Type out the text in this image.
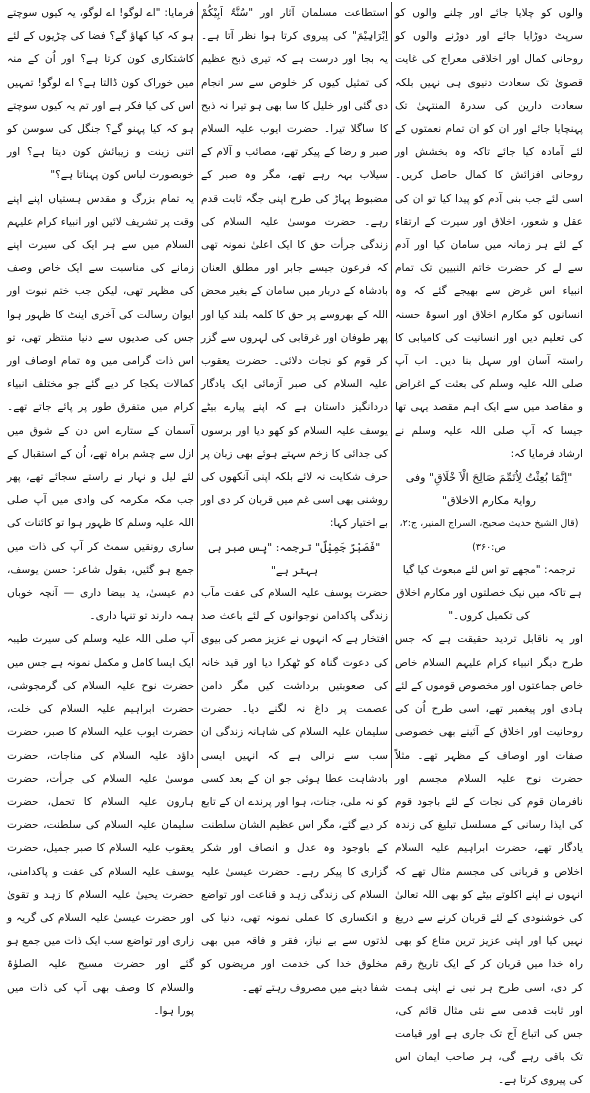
والوں کو چلایا جائے اور چلنے والوں کو سرپٹ دوڑایا جائے اور دوڑنے والوں کو روحانی کمال اور اخلاقی معراج کی غایت قصویٰ تک سعادت دنیوی ہی نہیں بلکہ سعادت دارین کی سدرۃ المنتہیٰ تک پہنچایا جائے اور ان کو ان تمام نعمتوں کے لئے آمادہ کیا جائے تاکہ وہ بخشش اور روحانی افزائش کا کمال حاصل کریں۔ اسی لئے جب بنی آدم کو پیدا کیا تو ان کی عقل و شعور، اخلاق اور سیرت کے ارتقاء کے لئے ہر زمانہ میں سامان کیا اور آدم سے لے کر حضرت خاتم النبیین تک تمام انبیاء اس غرض سے بھیجے گئے کہ وہ انسانوں کو مکارم اخلاق اور اسوۂ حسنہ کی تعلیم دیں اور انسانیت کی کامیابی کا راستہ آسان اور سہل بنا دیں۔ اب آپ صلی اللہ علیہ وسلم کی بعثت کے اغراض و مقاصد میں سے ایک اہم مقصد یہی تھا جیسا کہ آپ صلی اللہ علیہ وسلم نے ارشاد فرمایا کہ:

"اِنَّمَا بُعِثْتُ لِاُتَمِّمَ صَالِحَ الْاَ خْلَاقِ" وفی روایۃ مکارم الاخلاق"

(قال الشیخ حدیث صحیح، السراج المنیر، ج:۲، ص:۳۶۰)

ترجمہ: "مجھے تو اس لئے مبعوث کیا گیا ہے تاکہ میں نیک خصلتوں اور مکارم اخلاق کی تکمیل کروں۔"

اور یہ ناقابل تردید حقیقت ہے کہ جس طرح دیگر انبیاء کرام علیہم السلام خاص خاص جماعتوں اور مخصوص قوموں کے لئے ہادی اور پیغمبر تھے، اسی طرح اُن کی روحانیت اور اخلاق کے آئینے بھی خصوصی صفات اور اوصاف کے مظہر تھے۔ مثلاً حضرت نوح علیہ السلام مجسم اور نافرمان قوم کی نجات کے لئے باجود قوم کی ایذا رسانی کے مسلسل تبلیغ کی زندہ یادگار تھے، حضرت ابراہیم علیہ السلام اخلاص و قربانی کی مجسم مثال تھے کہ انہوں نے اپنے اکلوتے بیٹے کو بھی اللہ تعالیٰ کی خوشنودی کے لئے قربان کرنے سے دریغ نہیں کیا اور اپنی عزیز ترین متاع کو بھی راہ خدا میں قربان کر کے ایک تاریخ رقم کر دی، اسی طرح ہر نبی نے اپنی ہمت اور ثابت قدمی سے نئی مثال قائم کی، جس کی اتباع آج تک جاری ہے اور قیامت تک باقی رہے گی، ہر صاحب ایمان اس کی پیروی کرتا ہے۔

استطاعت مسلمان آثار اور "سُنَّۃُ اَبِیْکُمْ اِبْرَاہِیْمَ" کی پیروی کرتا ہوا نظر آتا ہے۔ یہ بجا اور درست ہے کہ تیری ذبح عظیم کی تمثیل کیوں کر خلوص سے سر انجام دی گئی اور خلیل کا سا بھی ہو تیرا نہ ذبح کا ساگلا تیرا۔ حضرت ایوب علیہ السلام صبر و رضا کے پیکر تھے، مصائب و آلام کے سیلاب بہہ رہے تھے، مگر وہ صبر کے مضبوط پہاڑ کی طرح اپنی جگہ ثابت قدم رہے۔ حضرت موسیٰ علیہ السلام کی زندگی جرأت حق کا ایک اعلیٰ نمونہ تھی کہ فرعون جیسے جابر اور مطلق العنان بادشاہ کے دربار میں سامان کے بغیر محض اللہ کے بھروسے پر حق کا کلمہ بلند کیا اور پھر طوفان اور غرقابی کی لہروں سے گزر کر قوم کو نجات دلائی۔ حضرت یعقوب علیہ السلام کی صبر آزمائی ایک یادگار دردانگیز داستان ہے کہ اپنے پیارے بیٹے یوسف علیہ السلام کو کھو دیا اور برسوں کی جدائی کا زخم سہتے ہوئے بھی زبان پر حرف شکایت نہ لائے بلکہ اپنی آنکھوں کی روشنی بھی اسی غم میں قربان کر دی اور بے اختیار کہا:

"فَصَبْرٌ جَمِیْلٌ" ترجمہ: "پس صبر ہی بہتر ہے"

حضرت یوسف علیہ السلام کی عفت مآب زندگی پاکدامن نوجوانوں کے لئے باعث صد افتخار ہے کہ انہوں نے عزیز مصر کی بیوی کی دعوت گناہ کو ٹھکرا دیا اور قید خانہ کی صعوبتیں برداشت کیں مگر دامن عصمت پر داغ نہ لگنے دیا۔ حضرت سلیمان علیہ السلام کی شاہانہ زندگی ان سب سے نرالی ہے کہ انہیں ایسی بادشاہت عطا ہوئی جو ان کے بعد کسی کو نہ ملی، جنات، ہوا اور پرندے ان کے تابع کر دیے گئے، مگر اس عظیم الشان سلطنت کے باوجود وہ عدل و انصاف اور شکر گزاری کا پیکر رہے۔ حضرت عیسیٰ علیہ السلام کی زندگی زہد و قناعت اور تواضع و انکساری کا عملی نمونہ تھی، دنیا کی لذتوں سے بے نیاز، فقر و فاقہ میں بھی مخلوق خدا کی خدمت اور مریضوں کو شفا دینے میں مصروف رہتے تھے۔

فرمایا: "اے لوگو! اے لوگو، یہ کیوں سوچتے ہو کہ کیا کھاؤ گے؟ فضا کی چڑیوں کے لئے کاشتکاری کون کرتا ہے؟ اور اُن کے منہ میں خوراک کون ڈالتا ہے؟ اے لوگو! تمہیں اس کی کیا فکر ہے اور تم یہ کیوں سوچتے ہو کہ کیا پہنو گے؟ جنگل کی سوسن کو اتنی زینت و زیبائش کون دیتا ہے؟ اور خوبصورت لباس کون پہناتا ہے؟"

یہ تمام بزرگ و مقدس ہستیاں اپنے اپنے وقت پر تشریف لائیں اور انبیاء کرام علیہم السلام میں سے ہر ایک کی سیرت اپنے زمانے کی مناسبت سے ایک خاص وصف کی مظہر تھی، لیکن جب ختم نبوت اور ایوان رسالت کی آخری اینٹ کا ظہور ہوا جس کی صدیوں سے دنیا منتظر تھی، تو اس ذات گرامی میں وہ تمام اوصاف اور کمالات یکجا کر دیے گئے جو مختلف انبیاء کرام میں متفرق طور پر پائے جاتے تھے۔ آسمان کے ستارے اس دن کے شوق میں ازل سے چشم براہ تھے، اُن کے استقبال کے لئے لیل و نہار نے راستے سجائے تھے، پھر جب مکہ مکرمہ کی وادی میں آپ صلی اللہ علیہ وسلم کا ظہور ہوا تو کائنات کی ساری رونقیں سمٹ کر آپ کی ذات میں جمع ہو گئیں، بقول شاعر: حسن یوسف، دم عیسیٰ، ید بیضا داری — آنچہ خوباں ہمہ دارند تو تنہا داری۔

آپ صلی اللہ علیہ وسلم کی سیرت طیبہ ایک ایسا کامل و مکمل نمونہ ہے جس میں حضرت نوح علیہ السلام کی گرمجوشی، حضرت ابراہیم علیہ السلام کی خلت، حضرت ایوب علیہ السلام کا صبر، حضرت داؤد علیہ السلام کی مناجات، حضرت موسیٰ علیہ السلام کی جرأت، حضرت ہارون علیہ السلام کا تحمل، حضرت سلیمان علیہ السلام کی سلطنت، حضرت یعقوب علیہ السلام کا صبر جمیل، حضرت یوسف علیہ السلام کی عفت و پاکدامنی، حضرت یحییٰ علیہ السلام کا زہد و تقویٰ اور حضرت عیسیٰ علیہ السلام کی گریہ و زاری اور تواضع سب ایک ذات میں جمع ہو گئے اور حضرت مسیح علیہ الصلوٰۃ والسلام کا وصف بھی آپ کی ذات میں پورا ہوا۔
